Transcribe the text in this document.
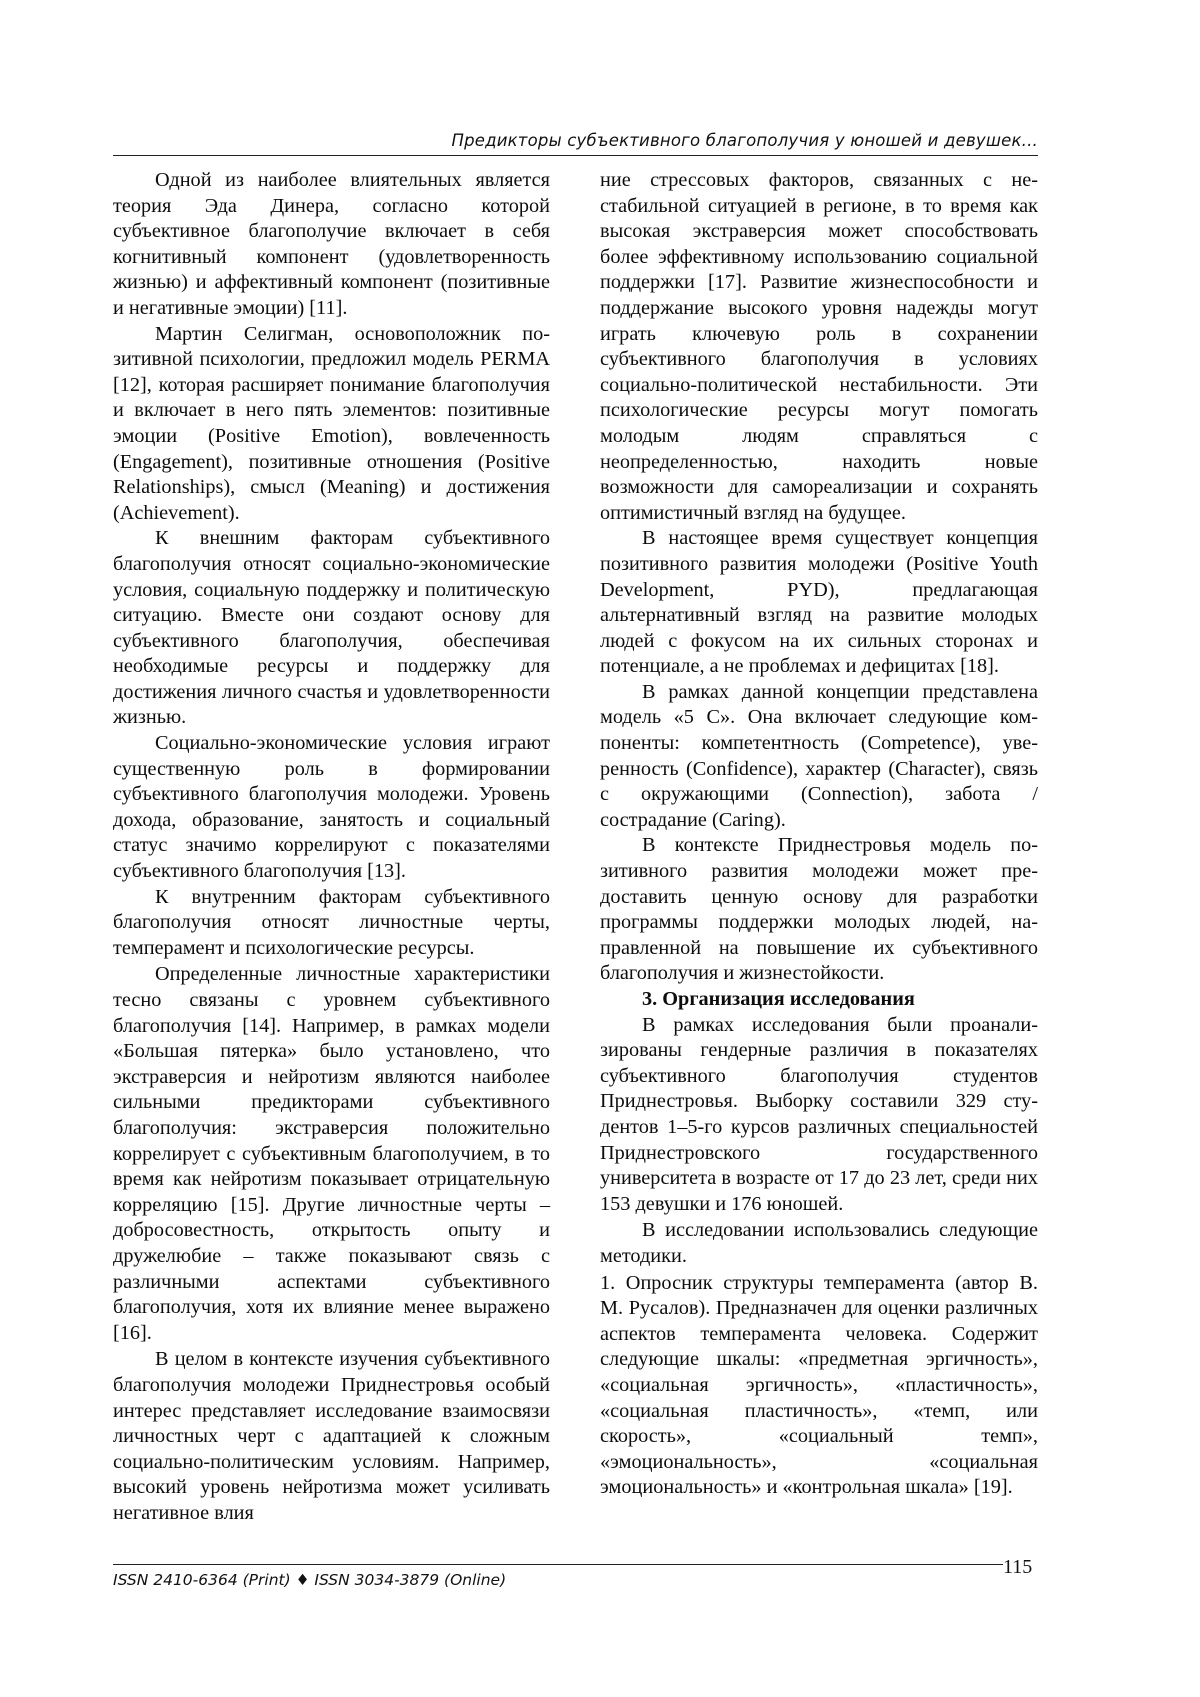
Предикторы субъективного благополучия у юношей и девушек...

Одной из наиболее влиятельных является теория Эда Динера, согласно которой субъективное благополучие включает в себя когнитивный компонент (удовлетворенность жизнью) и аффективный компонент (позитивные и негативные эмоции) [11].

Мартин Селигман, основоположник позитивной психологии, предложил модель PERMA [12], которая расширяет понимание благополучия и включает в него пять элементов: позитивные эмоции (Positive Emotion), вовлеченность (Engagement), позитивные отношения (Positive Relationships), смысл (Meaning) и достижения (Achievement).

К внешним факторам субъективного благополучия относят социально-экономические условия, социальную поддержку и политическую ситуацию. Вместе они создают основу для субъективного благополучия, обеспечивая необходимые ресурсы и поддержку для достижения личного счастья и удовлетворенности жизнью.

Социально-экономические условия играют существенную роль в формировании субъективного благополучия молодежи. Уровень дохода, образование, занятость и социальный статус значимо коррелируют с показателями субъективного благополучия [13].

К внутренним факторам субъективного благополучия относят личностные черты, темперамент и психологические ресурсы.

Определенные личностные характеристики тесно связаны с уровнем субъективного благополучия [14]. Например, в рамках модели «Большая пятерка» было установлено, что экстраверсия и нейротизм являются наиболее сильными предикторами субъективного благополучия: экстраверсия положительно коррелирует с субъективным благополучием, в то время как нейротизм показывает отрицательную корреляцию [15]. Другие личностные черты – добросовестность, открытость опыту и дружелюбие – также показывают связь с различными аспектами субъективного благополучия, хотя их влияние менее выражено [16].

В целом в контексте изучения субъективного благополучия молодежи Приднестровья особый интерес представляет исследование взаимосвязи личностных черт с адаптацией к сложным социально-политическим условиям. Например, высокий уровень нейротизма может усиливать негативное влия

ние стрессовых факторов, связанных с нестабильной ситуацией в регионе, в то время как высокая экстраверсия может способствовать более эффективному использованию социальной поддержки [17]. Развитие жизнеспособности и поддержание высокого уровня надежды могут играть ключевую роль в сохранении субъективного благополучия в условиях социально-политической нестабильности. Эти психологические ресурсы могут помогать молодым людям справляться с неопределенностью, находить новые возможности для самореализации и сохранять оптимистичный взгляд на будущее.

В настоящее время существует концепция позитивного развития молодежи (Positive Youth Development, PYD), предлагающая альтернативный взгляд на развитие молодых людей с фокусом на их сильных сторонах и потенциале, а не проблемах и дефицитах [18].

В рамках данной концепции представлена модель «5 C». Она включает следующие компоненты: компетентность (Competence), уверенность (Confidence), характер (Character), связь с окружающими (Connection), забота / сострадание (Caring).

В контексте Приднестровья модель позитивного развития молодежи может предоставить ценную основу для разработки программы поддержки молодых людей, направленной на повышение их субъективного благополучия и жизнестойкости.

3. Организация исследования

В рамках исследования были проанализированы гендерные различия в показателях субъективного благополучия студентов Приднестровья. Выборку составили 329 студентов 1–5-го курсов различных специальностей Приднестровского государственного университета в возрасте от 17 до 23 лет, среди них 153 девушки и 176 юношей.

В исследовании использовались следующие методики.

1. Опросник структуры темперамента (автор В. М. Русалов). Предназначен для оценки различных аспектов темперамента человека. Содержит следующие шкалы: «предметная эргичность», «социальная эргичность», «пластичность», «социальная пластичность», «темп, или скорость», «социальный темп», «эмоциональность», «социальная эмоциональность» и «контрольная шкала» [19].

ISSN 2410-6364 (Print) ♦ ISSN 3034-3879 (Online)
115
